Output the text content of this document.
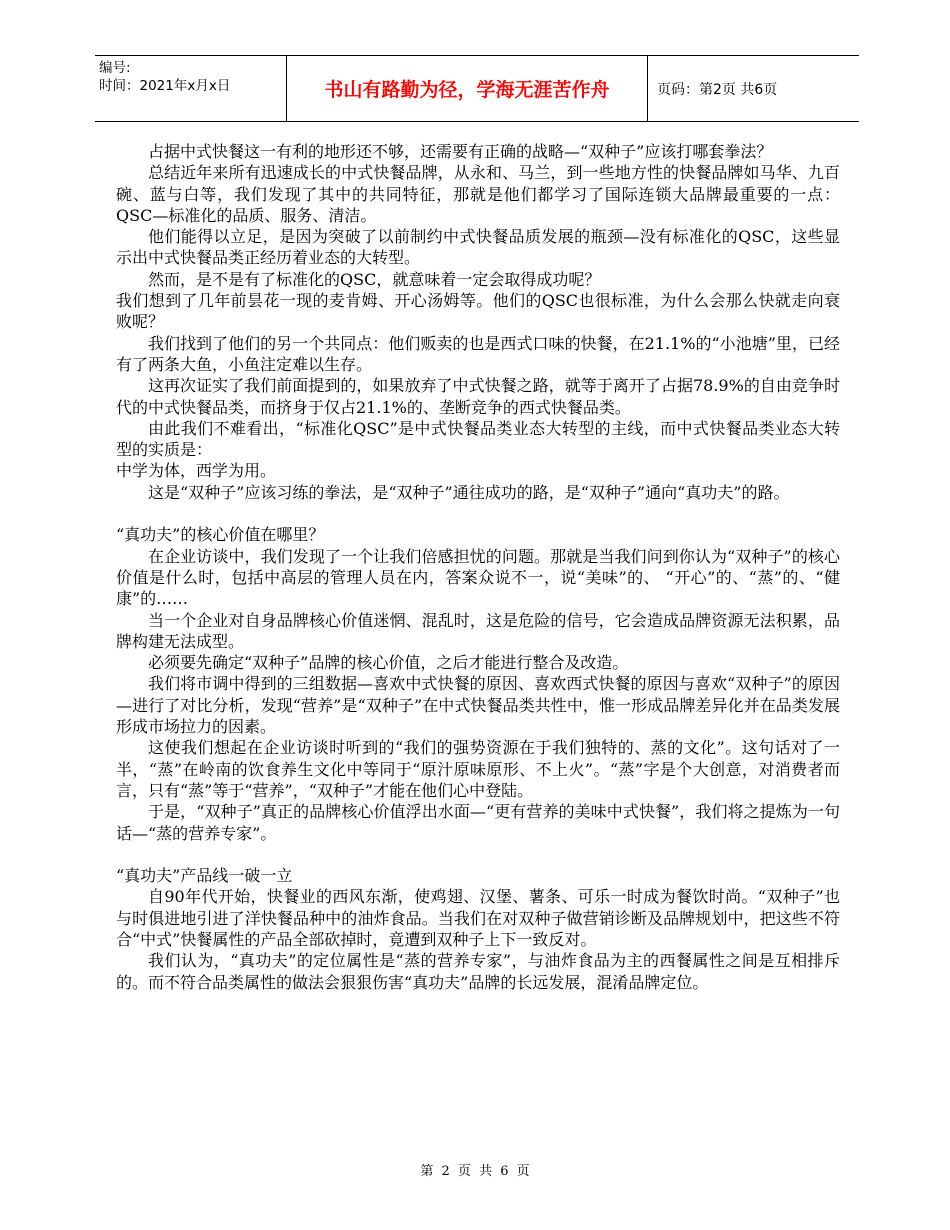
编号:
时间：2021年x月x日	书山有路勤为径，学海无涯苦作舟	页码：第2页 共6页

占据中式快餐这一有利的地形还不够，还需要有正确的战略—“双种子”应该打哪套拳法？

总结近年来所有迅速成长的中式快餐品牌，从永和、马兰，到一些地方性的快餐品牌如马华、九百碗、蓝与白等，我们发现了其中的共同特征，那就是他们都学习了国际连锁大品牌最重要的一点：QSC—标准化的品质、服务、清洁。

他们能得以立足，是因为突破了以前制约中式快餐品质发展的瓶颈—没有标准化的QSC，这些显示出中式快餐品类正经历着业态的大转型。

然而，是不是有了标准化的QSC，就意味着一定会取得成功呢？

我们想到了几年前昙花一现的麦肯姆、开心汤姆等。他们的QSC也很标准，为什么会那么快就走向衰败呢？

我们找到了他们的另一个共同点：他们贩卖的也是西式口味的快餐，在21.1%的“小池塘”里，已经有了两条大鱼，小鱼注定难以生存。

这再次证实了我们前面提到的，如果放弃了中式快餐之路，就等于离开了占据78.9%的自由竞争时代的中式快餐品类，而挤身于仅占21.1%的、垄断竞争的西式快餐品类。

由此我们不难看出，“标准化QSC”是中式快餐品类业态大转型的主线，而中式快餐品类业态大转型的实质是：

中学为体，西学为用。

这是“双种子”应该习练的拳法，是“双种子”通往成功的路，是“双种子”通向“真功夫”的路。

“真功夫”的核心价值在哪里？

在企业访谈中，我们发现了一个让我们倍感担忧的问题。那就是当我们问到你认为“双种子”的核心价值是什么时，包括中高层的管理人员在内，答案众说不一，说“美味”的、 “开心”的、“蒸”的、“健康”的……

当一个企业对自身品牌核心价值迷惘、混乱时，这是危险的信号，它会造成品牌资源无法积累，品牌构建无法成型。

必须要先确定“双种子”品牌的核心价值，之后才能进行整合及改造。

我们将市调中得到的三组数据—喜欢中式快餐的原因、喜欢西式快餐的原因与喜欢“双种子”的原因—进行了对比分析，发现“营养”是“双种子”在中式快餐品类共性中，惟一形成品牌差异化并在品类发展形成市场拉力的因素。

这使我们想起在企业访谈时听到的“我们的强势资源在于我们独特的、蒸的文化”。这句话对了一半，“蒸”在岭南的饮食养生文化中等同于“原汁原味原形、不上火”。“蒸”字是个大创意，对消费者而言，只有“蒸”等于“营养”，“双种子”才能在他们心中登陆。

于是，“双种子”真正的品牌核心价值浮出水面—“更有营养的美味中式快餐”，我们将之提炼为一句话—“蒸的营养专家”。

“真功夫”产品线一破一立

自90年代开始，快餐业的西风东渐，使鸡翅、汉堡、薯条、可乐一时成为餐饮时尚。“双种子”也与时俱进地引进了洋快餐品种中的油炸食品。当我们在对双种子做营销诊断及品牌规划中，把这些不符合“中式”快餐属性的产品全部砍掉时，竟遭到双种子上下一致反对。

我们认为，“真功夫”的定位属性是“蒸的营养专家”，与油炸食品为主的西餐属性之间是互相排斥的。而不符合品类属性的做法会狠狠伤害“真功夫”品牌的长远发展，混淆品牌定位。

第 2 页 共 6 页
